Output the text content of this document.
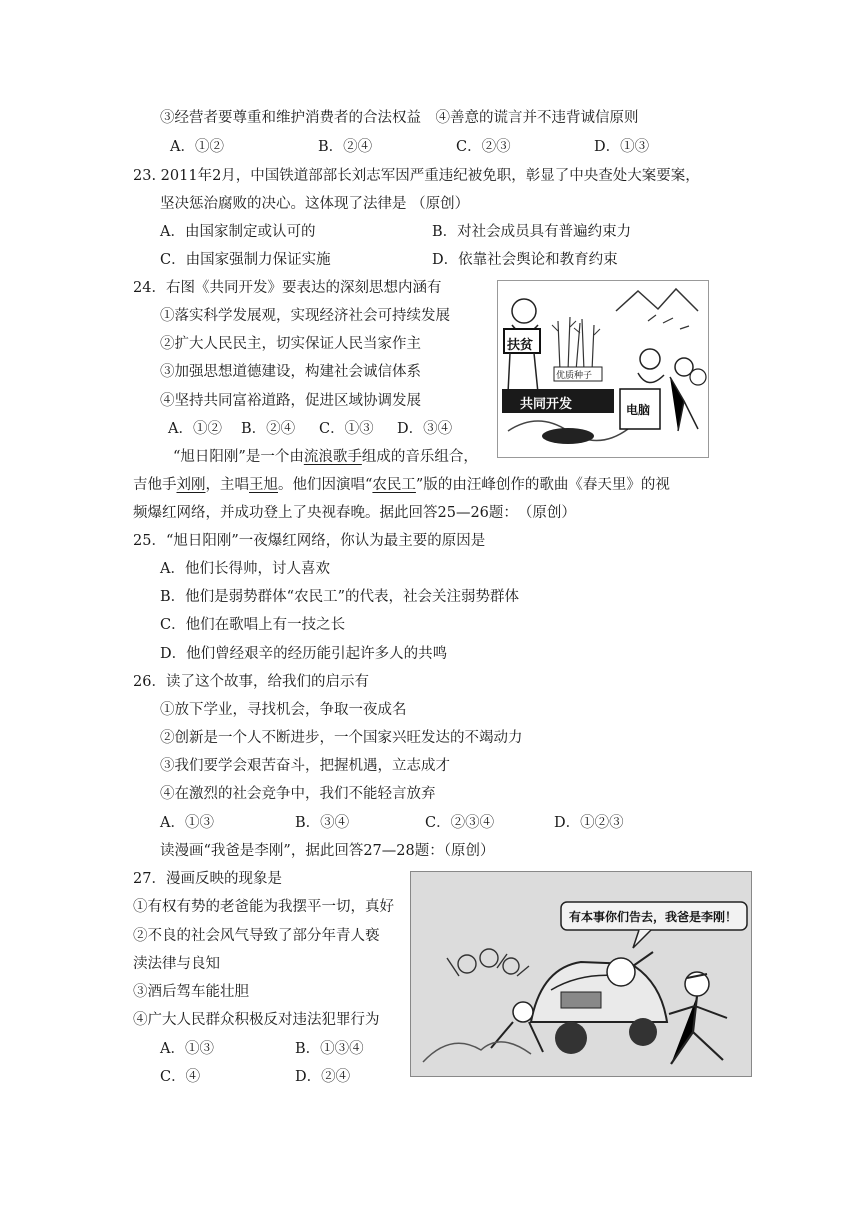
③经营者要尊重和维护消费者的合法权益　④善意的谎言并不违背诚信原则
A．①②	B．②④	C．②③	D．①③
23. 2011年2月，中国铁道部部长刘志军因严重违纪被免职，彰显了中央查处大案要案，
坚决惩治腐败的决心。这体现了法律是 （原创）
A．由国家制定或认可的	B．对社会成员具有普遍约束力
C．由国家强制力保证实施	D．依靠社会舆论和教育约束
24．右图《共同开发》要表达的深刻思想内涵有
①落实科学发展观，实现经济社会可持续发展
②扩大人民民主，切实保证人民当家作主
③加强思想道德建设，构建社会诚信体系
④坚持共同富裕道路，促进区域协调发展
A．①② B．②④ C．①③ D．③④
扶贫
优质种子
共同开发	电脑
“旭日阳刚”是一个由流浪歌手组成的音乐组合，
吉他手刘刚，主唱王旭。他们因演唱“农民工”版的由汪峰创作的歌曲《春天里》的视
频爆红网络，并成功登上了央视春晚。据此回答25—26题：　（原创）
25．“旭日阳刚”一夜爆红网络，你认为最主要的原因是
A．他们长得帅，讨人喜欢
B．他们是弱势群体“农民工”的代表，社会关注弱势群体
C．他们在歌唱上有一技之长
D．他们曾经艰辛的经历能引起许多人的共鸣
26．读了这个故事，给我们的启示有
①放下学业，寻找机会，争取一夜成名
②创新是一个人不断进步，一个国家兴旺发达的不竭动力
③我们要学会艰苦奋斗，把握机遇，立志成才
④在激烈的社会竞争中，我们不能轻言放弃
A．①③	B．③④	C．②③④	D．①②③
读漫画“我爸是李刚”，据此回答27—28题：（原创）
27．漫画反映的现象是
①有权有势的老爸能为我摆平一切，真好
②不良的社会风气导致了部分年青人亵
渎法律与良知
③酒后驾车能壮胆
④广大人民群众积极反对违法犯罪行为
A．①③	B．①③④
C．④	D．②④
有本事你们告去，我爸是李刚！
